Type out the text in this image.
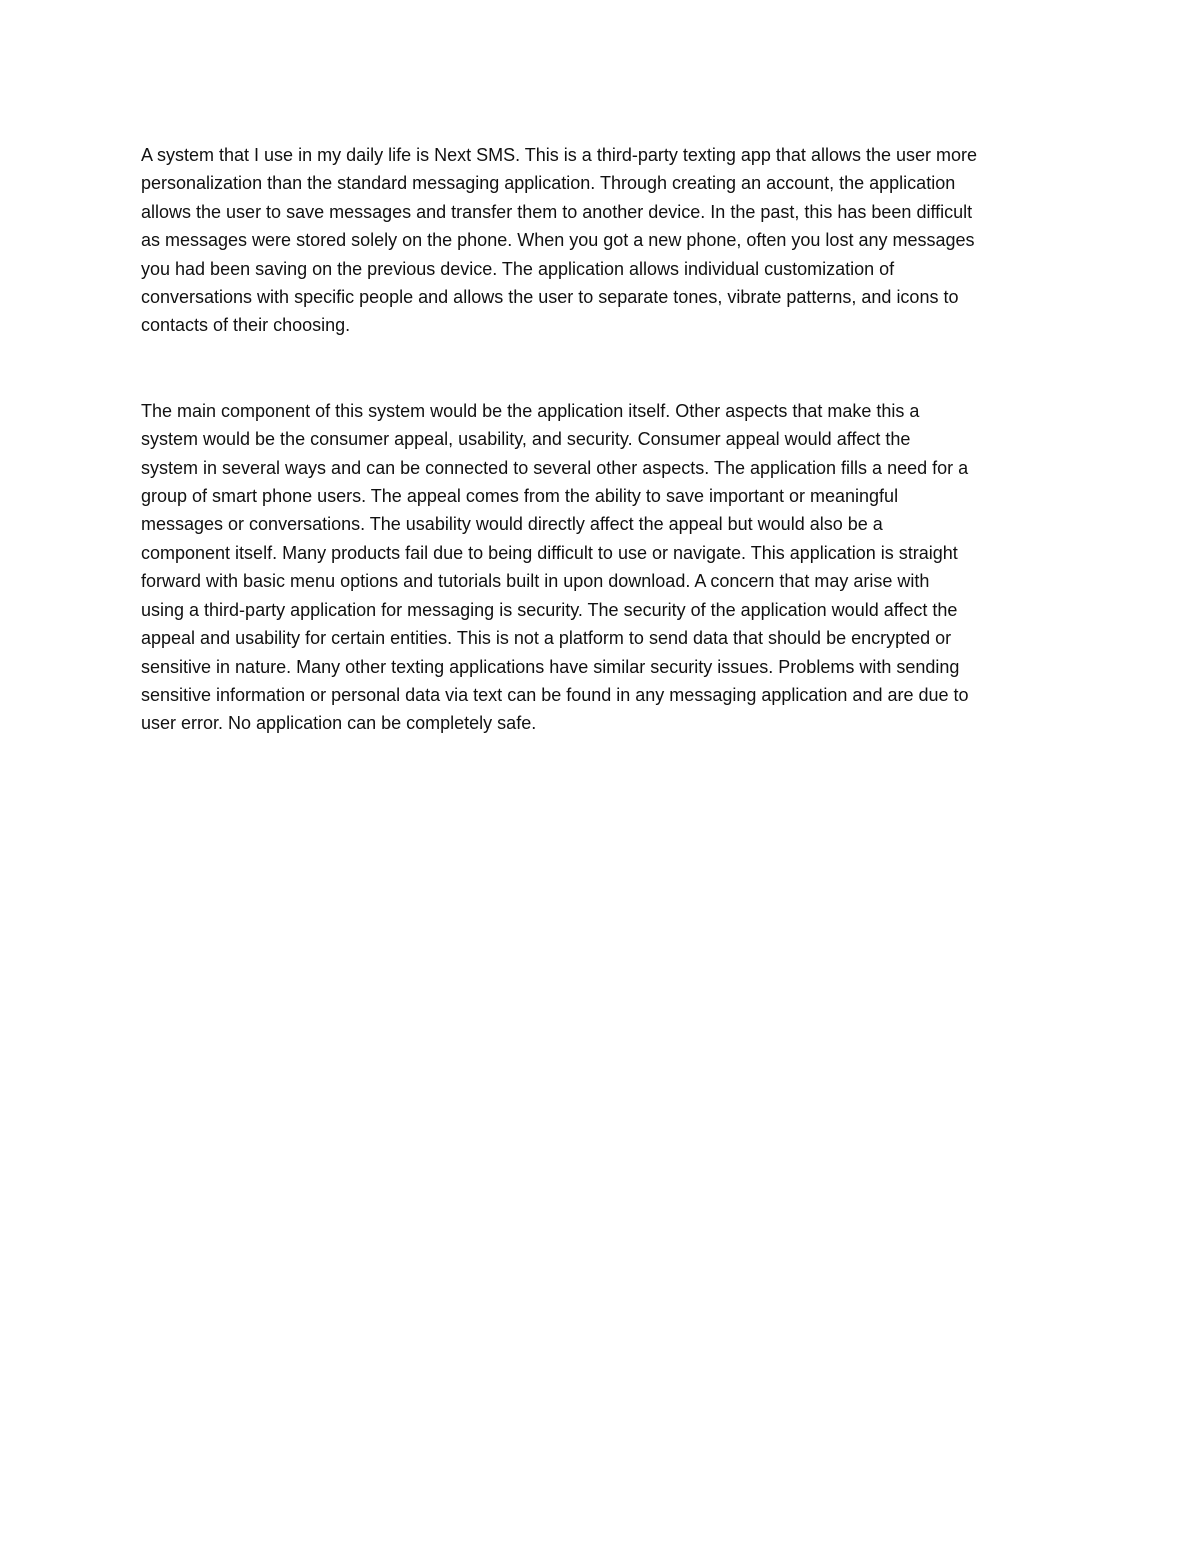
A system that I use in my daily life is Next SMS. This is a third-party texting app that allows the user more
personalization than the standard messaging application. Through creating an account, the application
allows the user to save messages and transfer them to another device. In the past, this has been difficult
as messages were stored solely on the phone. When you got a new phone, often you lost any messages
you had been saving on the previous device. The application allows individual customization of
conversations with specific people and allows the user to separate tones, vibrate patterns, and icons to
contacts of their choosing.

The main component of this system would be the application itself. Other aspects that make this a
system would be the consumer appeal, usability, and security. Consumer appeal would affect the
system in several ways and can be connected to several other aspects. The application fills a need for a
group of smart phone users. The appeal comes from the ability to save important or meaningful
messages or conversations. The usability would directly affect the appeal but would also be a
component itself. Many products fail due to being difficult to use or navigate. This application is straight
forward with basic menu options and tutorials built in upon download. A concern that may arise with
using a third-party application for messaging is security. The security of the application would affect the
appeal and usability for certain entities. This is not a platform to send data that should be encrypted or
sensitive in nature. Many other texting applications have similar security issues. Problems with sending
sensitive information or personal data via text can be found in any messaging application and are due to
user error. No application can be completely safe.
